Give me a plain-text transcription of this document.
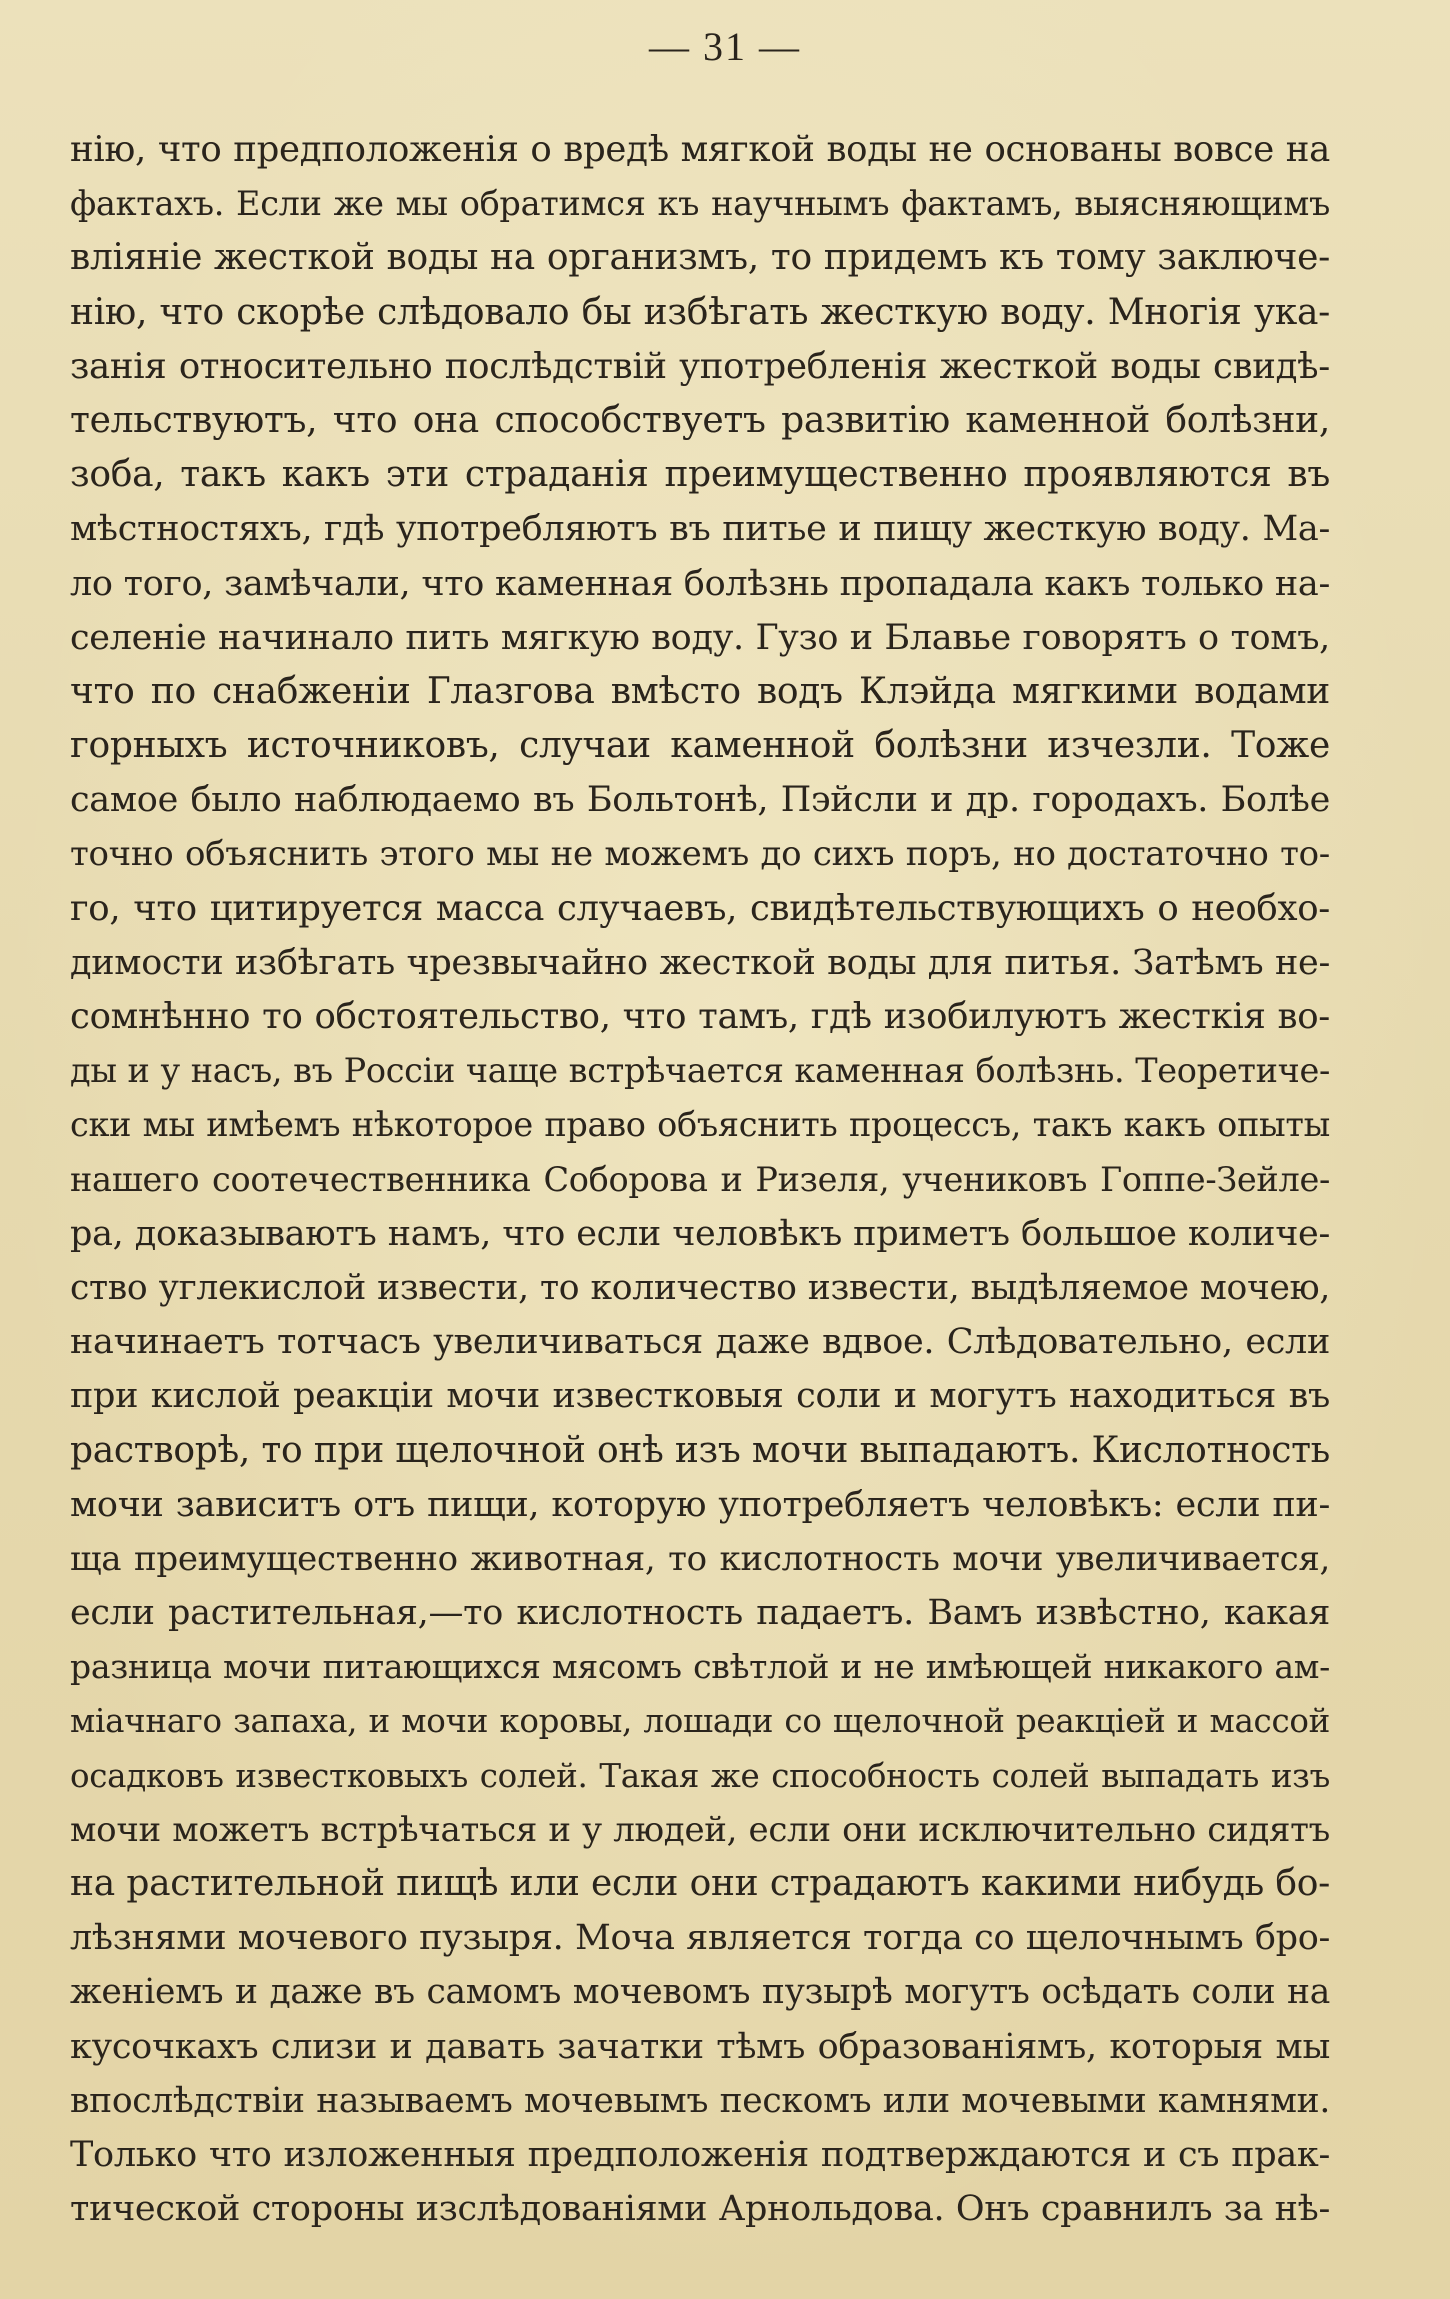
— 31 —
нію, что предположенія о вредѣ мягкой воды не основаны вовсе на
фактахъ. Если же мы обратимся къ научнымъ фактамъ, выясняющимъ
вліяніе жесткой воды на организмъ, то придемъ къ тому заключе-
нію, что скорѣе слѣдовало бы избѣгать жесткую воду. Многія ука-
занія относительно послѣдствій употребленія жесткой воды свидѣ-
тельствуютъ, что она способствуетъ развитію каменной болѣзни,
зоба, такъ какъ эти страданія преимущественно проявляются въ
мѣстностяхъ, гдѣ употребляютъ въ питье и пищу жесткую воду. Ма-
ло того, замѣчали, что каменная болѣзнь пропадала какъ только на-
селеніе начинало пить мягкую воду. Гузо и Блавье говорятъ о томъ,
что по снабженіи Глазгова вмѣсто водъ Клэйда мягкими водами
горныхъ источниковъ, случаи каменной болѣзни изчезли. Тоже
самое было наблюдаемо въ Больтонѣ, Пэйсли и др. городахъ. Болѣе
точно объяснить этого мы не можемъ до сихъ поръ, но достаточно то-
го, что цитируется масса случаевъ, свидѣтельствующихъ о необхо-
димости избѣгать чрезвычайно жесткой воды для питья. Затѣмъ не-
сомнѣнно то обстоятельство, что тамъ, гдѣ изобилуютъ жесткія во-
ды и у насъ, въ Россіи чаще встрѣчается каменная болѣзнь. Теоретиче-
ски мы имѣемъ нѣкоторое право объяснить процессъ, такъ какъ опыты
нашего соотечественника Соборова и Ризеля, учениковъ Гоппе-Зейле-
ра, доказываютъ намъ, что если человѣкъ приметъ большое количе-
ство углекислой извести, то количество извести, выдѣляемое мочею,
начинаетъ тотчасъ увеличиваться даже вдвое. Слѣдовательно, если
при кислой реакціи мочи известковыя соли и могутъ находиться въ
растворѣ, то при щелочной онѣ изъ мочи выпадаютъ. Кислотность
мочи зависитъ отъ пищи, которую употребляетъ человѣкъ: если пи-
ща преимущественно животная, то кислотность мочи увеличивается,
если растительная,—то кислотность падаетъ. Вамъ извѣстно, какая
разница мочи питающихся мясомъ свѣтлой и не имѣющей никакого ам-
міачнаго запаха, и мочи коровы, лошади со щелочной реакціей и массой
осадковъ известковыхъ солей. Такая же способность солей выпадать изъ
мочи можетъ встрѣчаться и у людей, если они исключительно сидятъ
на растительной пищѣ или если они страдаютъ какими нибудь бо-
лѣзнями мочевого пузыря. Моча является тогда со щелочнымъ бро-
женіемъ и даже въ самомъ мочевомъ пузырѣ могутъ осѣдать соли на
кусочкахъ слизи и давать зачатки тѣмъ образованіямъ, которыя мы
впослѣдствіи называемъ мочевымъ пескомъ или мочевыми камнями.
Только что изложенныя предположенія подтверждаются и съ прак-
тической стороны изслѣдованіями Арнольдова. Онъ сравнилъ за нѣ-
